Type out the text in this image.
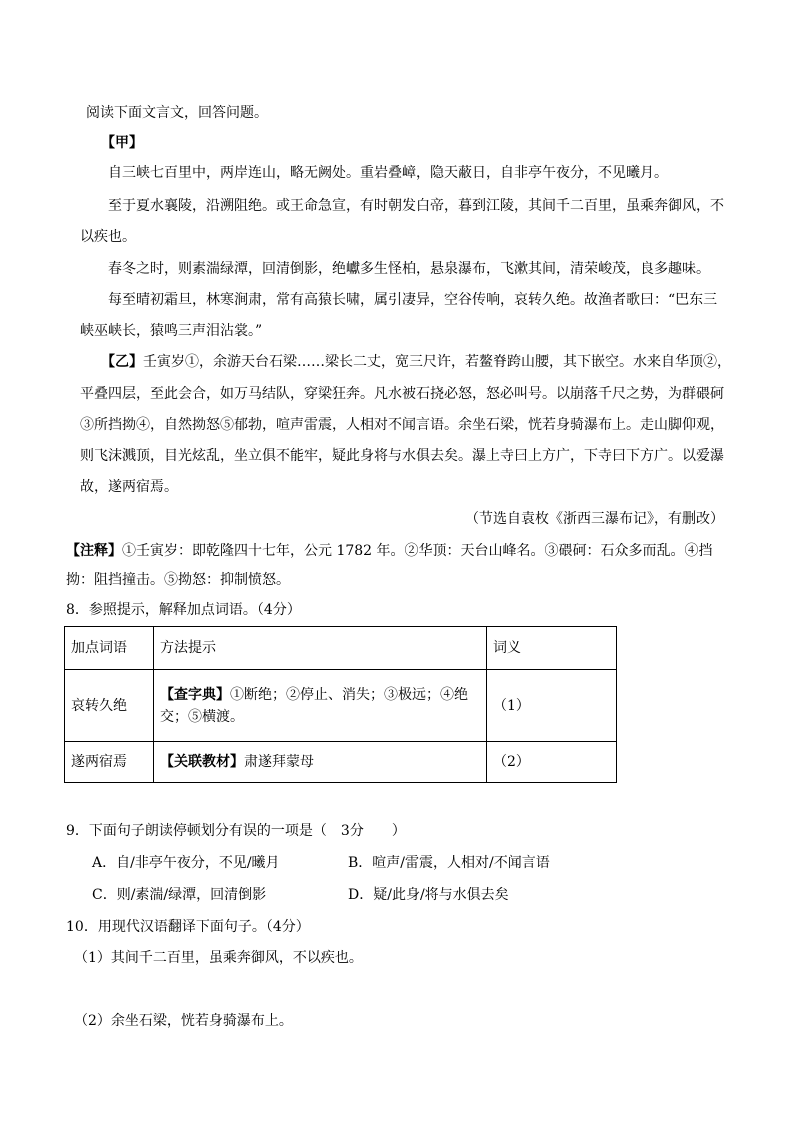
阅读下面文言文，回答问题。
【甲】
自三峡七百里中，两岸连山，略无阙处。重岩叠嶂，隐天蔽日，自非亭午夜分，不见曦月。
至于夏水襄陵，沿溯阻绝。或王命急宣，有时朝发白帝，暮到江陵，其间千二百里，虽乘奔御风，不
以疾也。
春冬之时，则素湍绿潭，回清倒影，绝巘多生怪柏，悬泉瀑布，飞漱其间，清荣峻茂，良多趣味。
每至晴初霜旦，林寒涧肃，常有高猿长啸，属引凄异，空谷传响，哀转久绝。故渔者歌曰：“巴东三
峡巫峡长，猿鸣三声泪沾裳。”
【乙】壬寅岁①，余游天台石梁……梁长二丈，宽三尺许，若鳌脊跨山腰，其下嵌空。水来自华顶②，
平叠四层，至此会合，如万马结队，穿梁狂奔。凡水被石挠必怒，怒必叫号。以崩落千尺之势，为群碨砢
③所挡拗④，自然拗怒⑤郁勃，喧声雷震，人相对不闻言语。余坐石梁，恍若身骑瀑布上。走山脚仰观，
则飞沫溅顶，目光炫乱，坐立俱不能牢，疑此身将与水俱去矣。瀑上寺曰上方广，下寺曰下方广。以爱瀑
故，遂两宿焉。
（节选自袁枚《浙西三瀑布记》，有删改）
【注释】①壬寅岁：即乾隆四十七年，公元 1782 年。②华顶：天台山峰名。③碨砢：石众多而乱。④挡
拗：阻挡撞击。⑤拗怒：抑制愤怒。
8．参照提示，解释加点词语。（4分）
加点词语	方法提示	词义
哀转久绝	【查字典】①断绝；②停止、消失；③极远；④绝
交；⑤横渡。	（1）
遂两宿焉	【关联教材】肃遂拜蒙母	（2）
9．下面句子朗读停顿划分有误的一项是（　3分　　）
A．自/非亭午夜分，不见/曦月	B．喧声/雷震，人相对/不闻言语
C．则/素湍/绿潭，回清倒影	D．疑/此身/将与水俱去矣
10．用现代汉语翻译下面句子。（4分）
（1）其间千二百里，虽乘奔御风，不以疾也。
（2）余坐石梁，恍若身骑瀑布上。
